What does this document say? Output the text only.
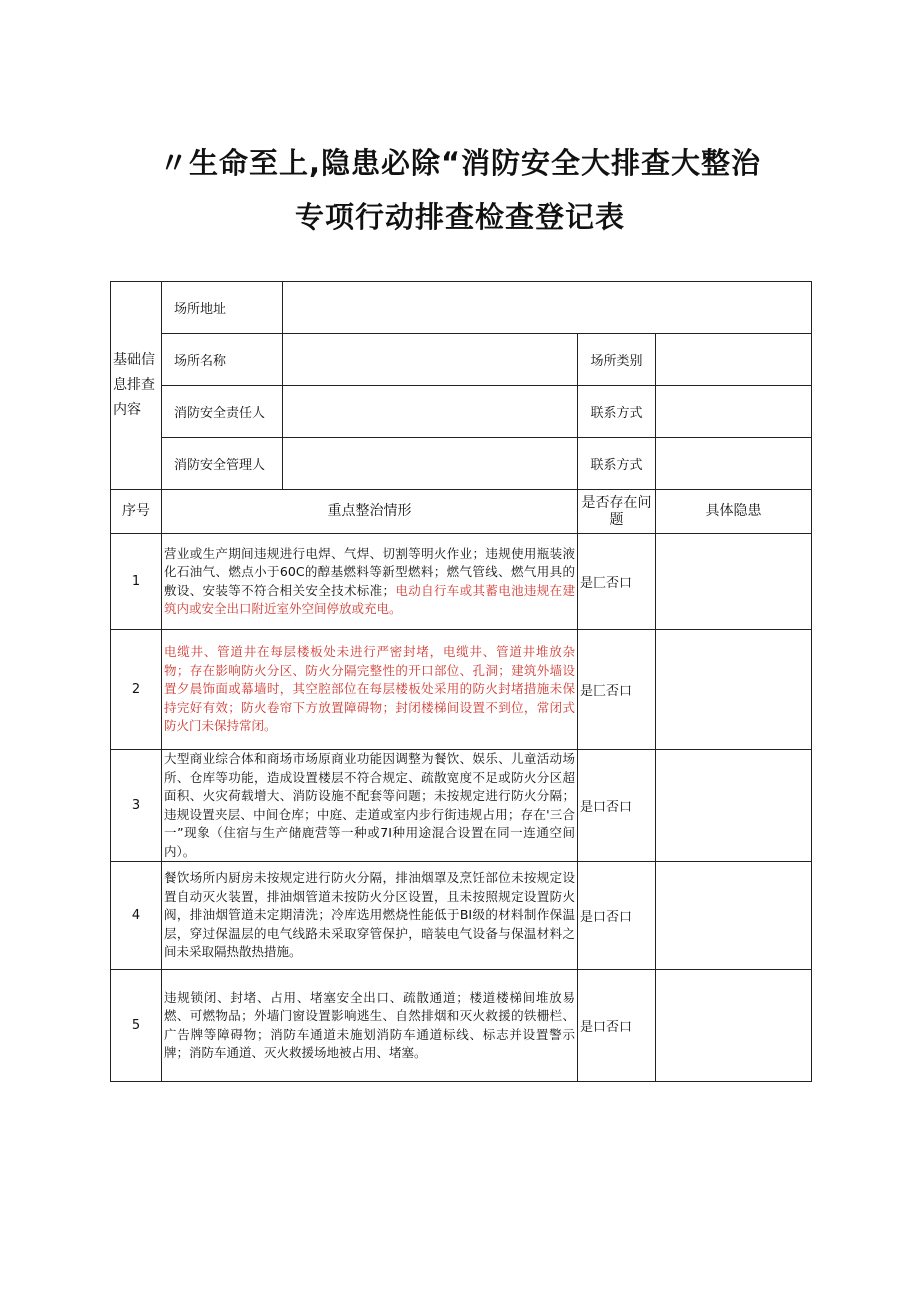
〃生命至上,隐患必除“消防安全大排查大整治
专项行动排查检查登记表
基础信息排查内容	场所地址			
	场所名称		场所类别	
	消防安全责任人		联系方式	
	消防安全管理人		联系方式	
序号	重点整治情形		是否存在问题	具体隐患
1	营业或生产期间违规进行电焊、气焊、切割等明火作业；违规使用瓶装液化石油气、燃点小于60C的醇基燃料等新型燃料；燃气管线、燃气用具的敷设、安装等不符合相关安全技术标准；电动自行车或其蓄电池违规在建筑内或安全出口附近室外空间停放或充电。		是匚否口	
2	电缆井、管道井在每层楼板处未进行严密封堵，电缆井、管道井堆放杂物；存在影响防火分区、防火分隔完整性的开口部位、孔洞；建筑外墙设置夕晨饰面或幕墙时，其空腔部位在每层楼板处采用的防火封堵措施未保持完好有效；防火卷帘下方放置障碍物；封闭楼梯间设置不到位，常闭式防火门未保持常闭。		是匚否口	
3	大型商业综合体和商场市场原商业功能因调整为餐饮、娱乐、儿童活动场所、仓库等功能，造成设置楼层不符合规定、疏散宽度不足或防火分区超面积、火灾荷载增大、消防设施不配套等问题；未按规定进行防火分隔；违规设置夹层、中间仓库；中庭、走道或室内步行街违规占用；存在'三合一”现象（住宿与生产储鹿营等一种或7I种用途混合设置在同一连通空间内）。		是口否口	
4	餐饮场所内厨房未按规定进行防火分隔，排油烟罩及烹饪部位未按规定设置自动灭火装置，排油烟管道未按防火分区设置，且未按照规定设置防火阀，排油烟管道未定期清洗；冷库选用燃烧性能低于BI级的材料制作保温层，穿过保温层的电气线路未采取穿管保护，暗装电气设备与保温材料之间未采取隔热散热措施。		是口否口	
5	违规锁闭、封堵、占用、堵塞安全出口、疏散通道；楼道楼梯间堆放易燃、可燃物品；外墙门窗设置影响逃生、自然排烟和灭火救援的铁栅栏、广告牌等障碍物；消防车通道未施划消防车通道标线、标志并设置警示牌；消防车通道、灭火救援场地被占用、堵塞。		是口否口	
